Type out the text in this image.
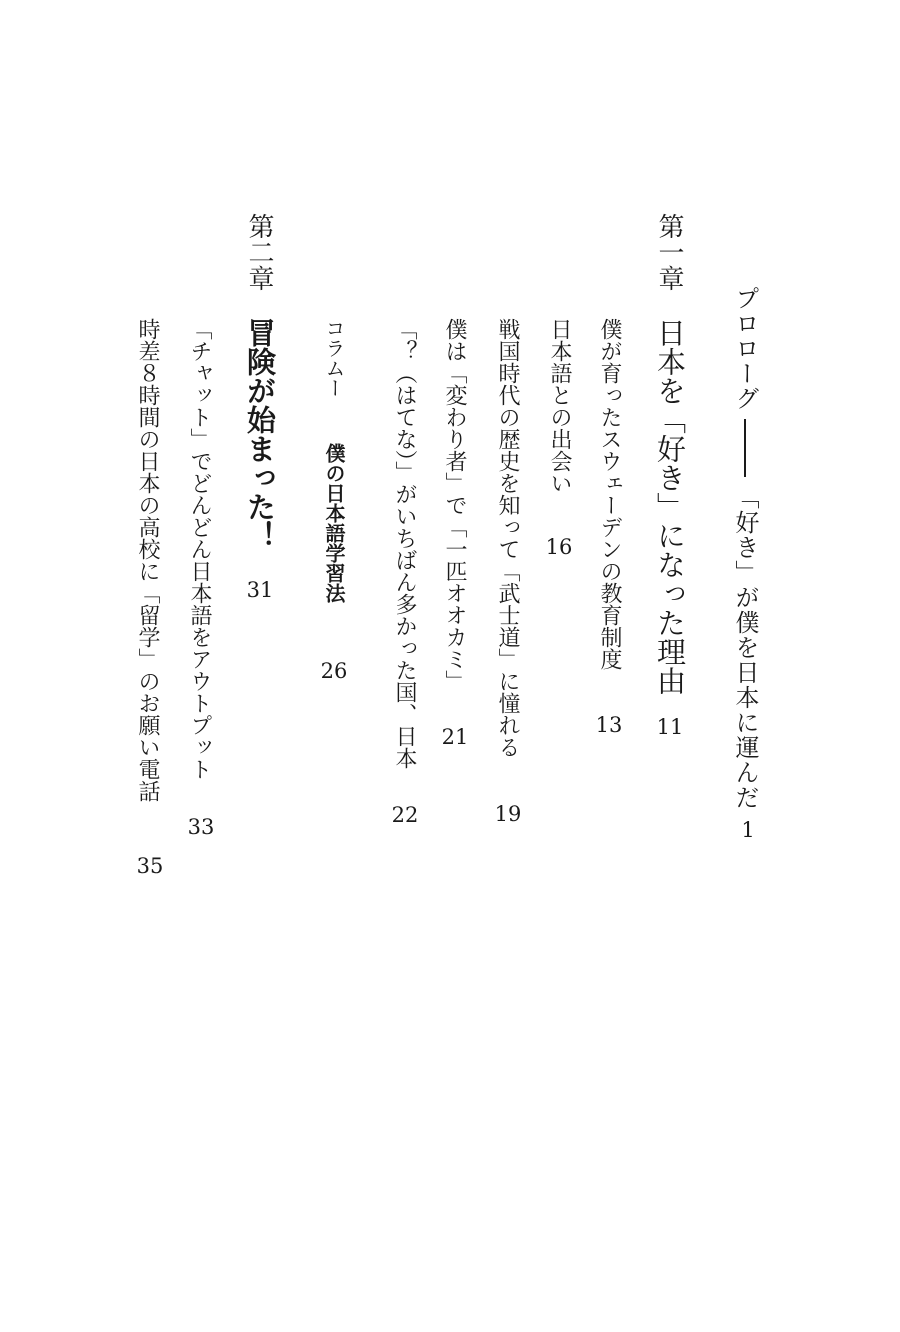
プロローグ「好き」が僕を日本に運んだ
1
第一章
日本を「好き」になった理由
11
僕が育ったスウェーデンの教育制度
13
日本語との出会い
16
戦国時代の歴史を知って「武士道」に憧れる
19
僕は「変わり者」で「一匹オオカミ」
21
「？（はてな）」がいちばん多かった国、日本
22
コラムー
僕の日本語学習法
26
第二章
冒険が始まった！
31
「チャット」でどんどん日本語をアウトプット
33
時差８時間の日本の高校に「留学」のお願い電話
35
